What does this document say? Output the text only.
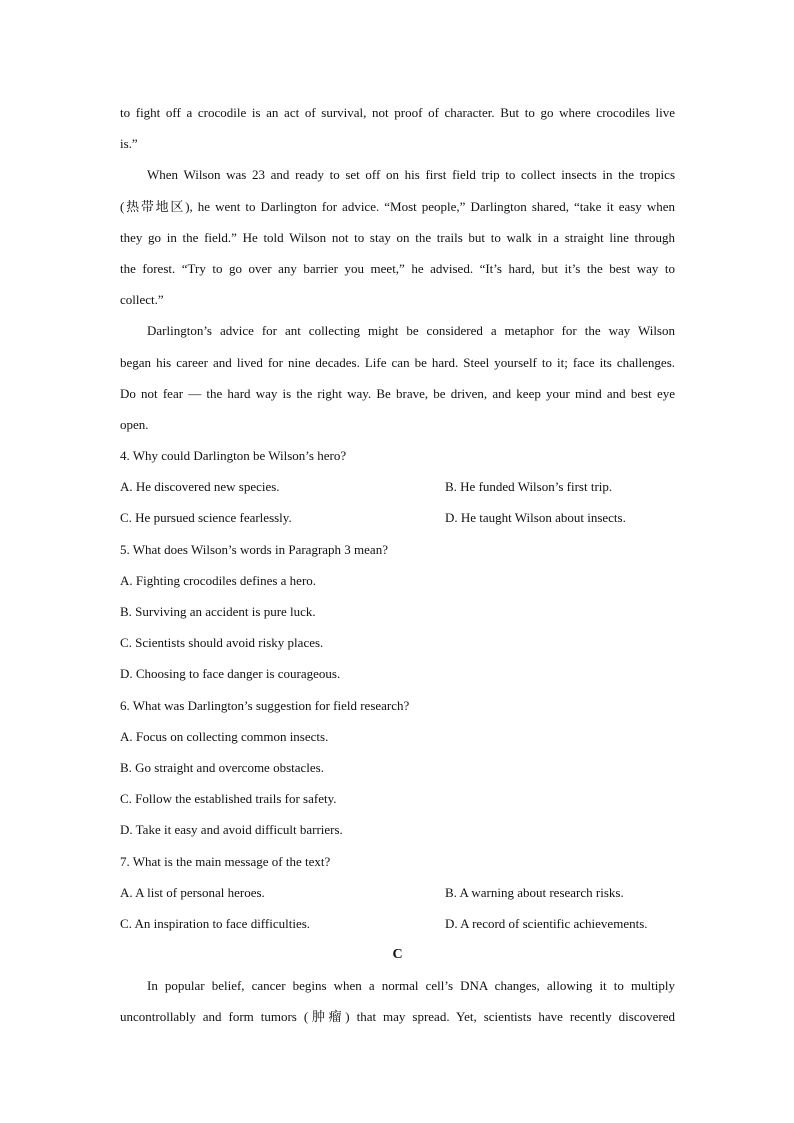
to fight off a crocodile is an act of survival, not proof of character. But to go where crocodiles live
is.”
When Wilson was 23 and ready to set off on his first field trip to collect insects in the tropics
(热带地区), he went to Darlington for advice. “Most people,” Darlington shared, “take it easy when
they go in the field.” He told Wilson not to stay on the trails but to walk in a straight line through
the forest. “Try to go over any barrier you meet,” he advised. “It’s hard, but it’s the best way to
collect.”
Darlington’s advice for ant collecting might be considered a metaphor for the way Wilson
began his career and lived for nine decades. Life can be hard. Steel yourself to it; face its challenges.
Do not fear — the hard way is the right way. Be brave, be driven, and keep your mind and best eye
open.
4. Why could Darlington be Wilson’s hero?
A. He discovered new species.	B. He funded Wilson’s first trip.
C. He pursued science fearlessly.	D. He taught Wilson about insects.
5. What does Wilson’s words in Paragraph 3 mean?
A. Fighting crocodiles defines a hero.
B. Surviving an accident is pure luck.
C. Scientists should avoid risky places.
D. Choosing to face danger is courageous.
6. What was Darlington’s suggestion for field research?
A. Focus on collecting common insects.
B. Go straight and overcome obstacles.
C. Follow the established trails for safety.
D. Take it easy and avoid difficult barriers.
7. What is the main message of the text?
A. A list of personal heroes.	B. A warning about research risks.
C. An inspiration to face difficulties.	D. A record of scientific achievements.
C
In popular belief, cancer begins when a normal cell’s DNA changes, allowing it to multiply
uncontrollably and form tumors (肿瘤) that may spread. Yet, scientists have recently discovered
